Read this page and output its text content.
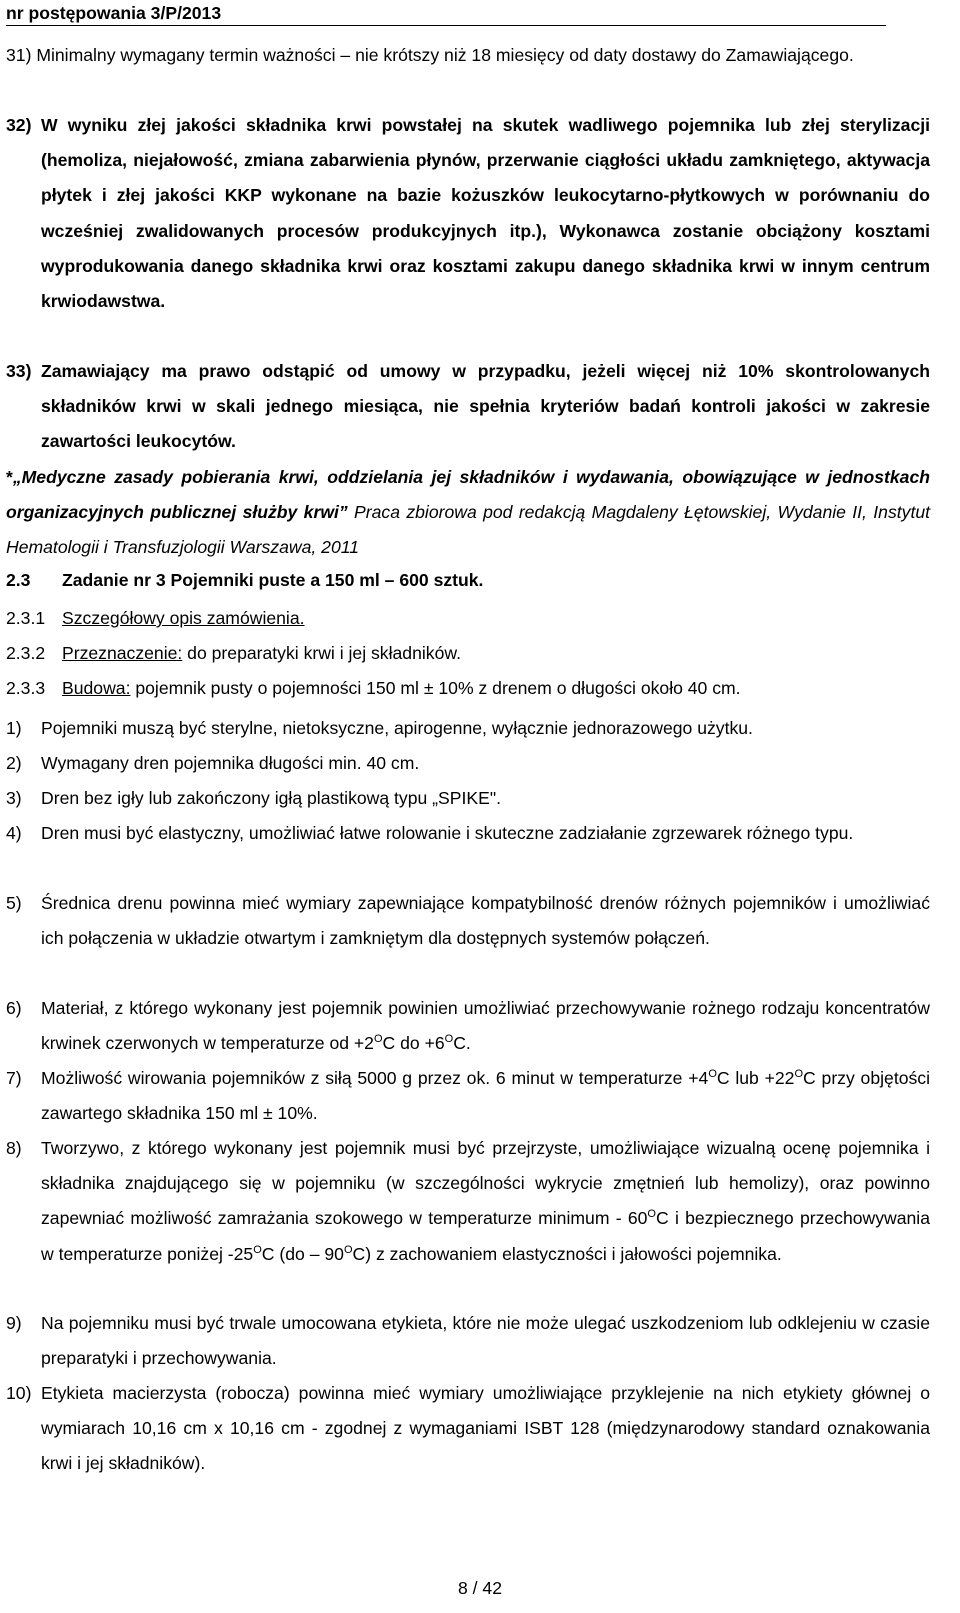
nr postępowania 3/P/2013
31) Minimalny wymagany termin ważności – nie krótszy niż 18 miesięcy od daty dostawy do Zamawiającego.
32) W wyniku złej jakości składnika krwi powstałej na skutek wadliwego pojemnika lub złej sterylizacji (hemoliza, niejałowość, zmiana zabarwienia płynów, przerwanie ciągłości układu zamkniętego, aktywacja płytek i złej jakości KKP wykonane na bazie kożuszków leukocytarno-płytkowych w porównaniu do wcześniej zwalidowanych procesów produkcyjnych itp.), Wykonawca zostanie obciążony kosztami wyprodukowania danego składnika krwi oraz kosztami zakupu danego składnika krwi w innym centrum krwiodawstwa.
33) Zamawiający ma prawo odstąpić od umowy w przypadku, jeżeli więcej niż 10% skontrolowanych składników krwi w skali jednego miesiąca, nie spełnia kryteriów badań kontroli jakości w zakresie zawartości leukocytów.
*„Medyczne zasady pobierania krwi, oddzielania jej składników i wydawania, obowiązujące w jednostkach organizacyjnych publicznej służby krwi” Praca zbiorowa pod redakcją Magdaleny Łętowskiej, Wydanie II, Instytut Hematologii i Transfuzjologii Warszawa, 2011
2.3 Zadanie nr 3 Pojemniki puste a 150 ml – 600 sztuk.
2.3.1 Szczegółowy opis zamówienia.
2.3.2 Przeznaczenie: do preparatyki krwi i jej składników.
2.3.3 Budowa: pojemnik pusty o pojemności 150 ml ± 10% z drenem o długości około 40 cm.
1) Pojemniki muszą być sterylne, nietoksyczne, apirogenne, wyłącznie jednorazowego użytku.
2) Wymagany dren pojemnika długości min. 40 cm.
3) Dren bez igły lub zakończony igłą plastikową typu „SPIKE".
4) Dren musi być elastyczny, umożliwiać łatwe rolowanie i skuteczne zadziałanie zgrzewarek różnego typu.
5) Średnica drenu powinna mieć wymiary zapewniające kompatybilność drenów różnych pojemników i umożliwiać ich połączenia w układzie otwartym i zamkniętym dla dostępnych systemów połączeń.
6) Materiał, z którego wykonany jest pojemnik powinien umożliwiać przechowywanie rożnego rodzaju koncentratów krwinek czerwonych w temperaturze od $+2^OC$ do $+6^OC$.
7) Możliwość wirowania pojemników z siłą 5000 g przez ok. 6 minut w temperaturze $+4^OC$ lub $+22^OC$ przy objętości zawartego składnika 150 ml ± 10%.
8) Tworzywo, z którego wykonany jest pojemnik musi być przejrzyste, umożliwiające wizualną ocenę pojemnika i składnika znajdującego się w pojemniku (w szczególności wykrycie zmętnień lub hemolizy), oraz powinno zapewniać możliwość zamrażania szokowego w temperaturze minimum - $60^OC$ i bezpiecznego przechowywania w temperaturze poniżej $-25^OC$ $(do - 90^OC)$ z zachowaniem elastyczności i jałowości pojemnika.
9) Na pojemniku musi być trwale umocowana etykieta, które nie może ulegać uszkodzeniom lub odklejeniu w czasie preparatyki i przechowywania.
10) Etykieta macierzysta (robocza) powinna mieć wymiary umożliwiające przyklejenie na nich etykiety głównej o wymiarach 10,16 cm x 10,16 cm - zgodnej z wymaganiami ISBT 128 (międzynarodowy standard oznakowania krwi i jej składników).
8 / 42
